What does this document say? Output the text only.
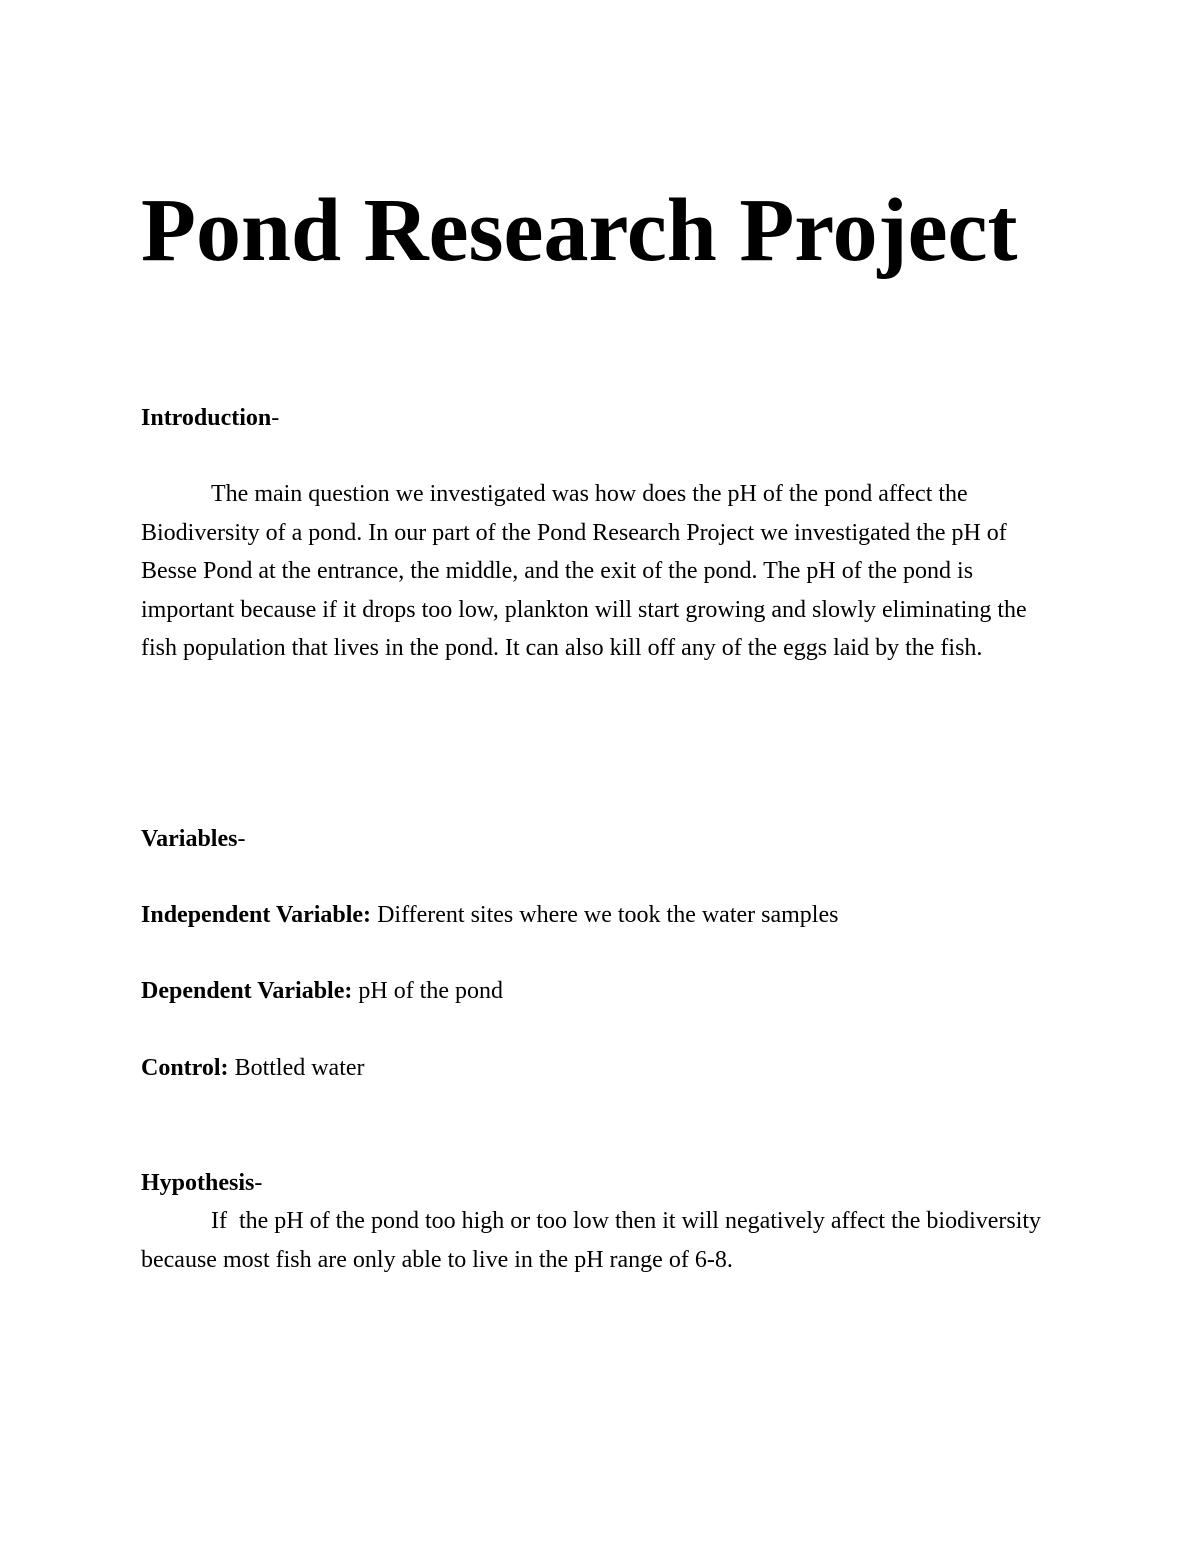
Pond Research Project

Introduction-

The main question we investigated was how does the pH of the pond affect the Biodiversity of a pond. In our part of the Pond Research Project we investigated the pH of Besse Pond at the entrance, the middle, and the exit of the pond. The pH of the pond is important because if it drops too low, plankton will start growing and slowly eliminating the fish population that lives in the pond. It can also kill off any of the eggs laid by the fish.

Variables-

Independent Variable: Different sites where we took the water samples

Dependent Variable: pH of the pond

Control: Bottled water

Hypothesis-

If  the pH of the pond too high or too low then it will negatively affect the biodiversity because most fish are only able to live in the pH range of 6-8.
